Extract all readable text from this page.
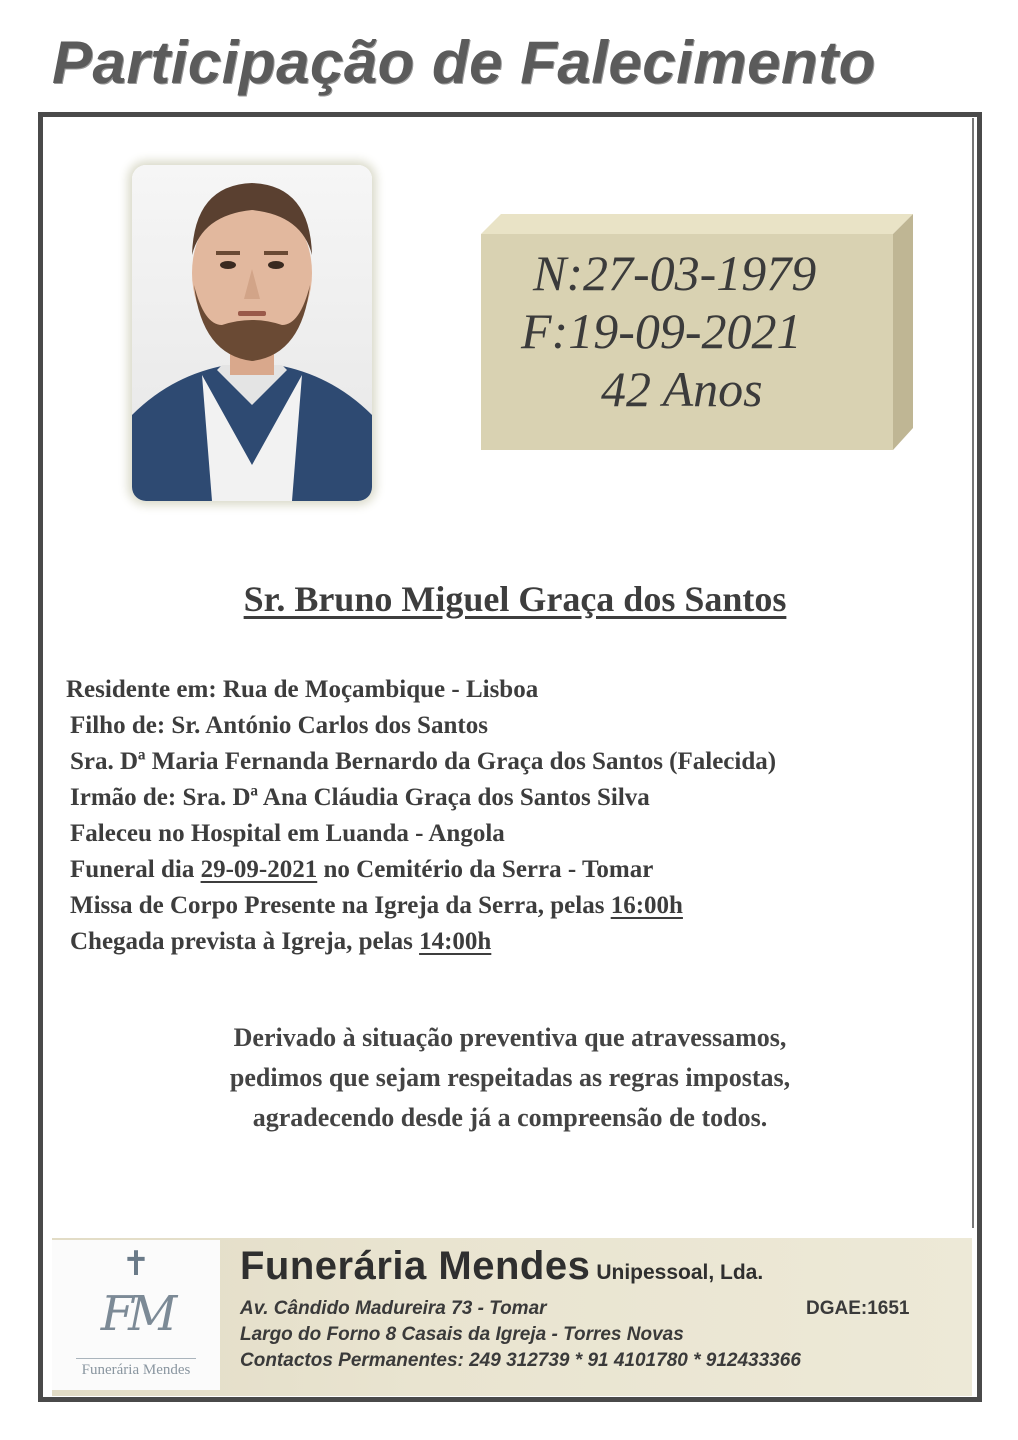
Participação de Falecimento
N:27-03-1979
F:19-09-2021
42 Anos
Sr. Bruno Miguel Graça dos Santos
Residente em: Rua de Moçambique - Lisboa
Filho de: Sr. António Carlos dos Santos
Sra. Dª Maria Fernanda Bernardo da Graça dos Santos (Falecida)
Irmão de: Sra. Dª Ana Cláudia Graça dos Santos Silva
Faleceu no Hospital em Luanda - Angola
Funeral dia 29-09-2021 no Cemitério da Serra - Tomar
Missa de Corpo Presente na Igreja da Serra, pelas 16:00h
Chegada prevista à Igreja, pelas 14:00h
Derivado à situação preventiva que atravessamos,
pedimos que sejam respeitadas as regras impostas,
agradecendo desde já a compreensão de todos.
✝
FM
Funerária Mendes
Funerária Mendes Unipessoal, Lda.
Av. Cândido Madureira 73 - Tomar	DGAE:1651
Largo do Forno 8 Casais da Igreja - Torres Novas
Contactos Permanentes: 249 312739 * 91 4101780 * 912433366
